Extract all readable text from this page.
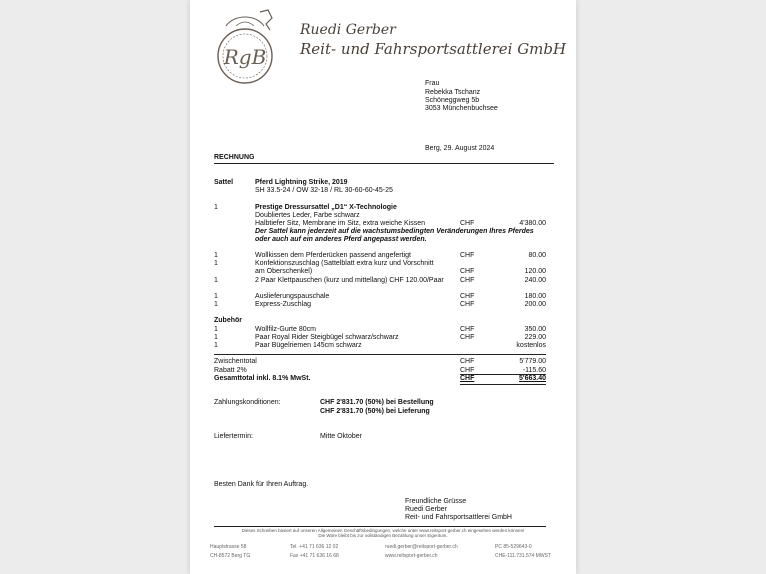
RgB
Ruedi Gerber
Reit- und Fahrsportsattlerei GmbH
Frau
Rebekka Tschanz
Schöneggweg 5b
3053 Münchenbuchsee
Berg, 29. August 2024
RECHNUNG
Sattel	Pferd Lightning Strike, 2019
SH 33.5-24 / OW 32-18 / RL 30-60-60-45-25
1	Prestige Dressursattel „D1“ X-Technologie
Doubliertes Leder, Farbe schwarz
Halbtiefer Sitz, Membrane im Sitz, extra weiche Kissen	CHF	4'380.00
Der Sattel kann jederzeit auf die wachstumsbedingten Veränderungen Ihres Pferdes
oder auch auf ein anderes Pferd angepasst werden.
1	Wollkissen dem Pferderücken passend angefertigt	CHF	80.00
1	Konfektionszuschlag (Sattelblatt extra kurz und Vorschnitt
am Oberschenkel)	CHF	120.00
1	2 Paar Klettpauschen (kurz und mittellang) CHF 120.00/Paar CHF	240.00
1	Auslieferungspauschale	CHF	180.00
1	Express-Zuschlag	CHF	200.00
Zubehör
1	Wollfilz-Gurte 80cm	CHF	350.00
1	Paar Royal Rider Steigbügel schwarz/schwarz	CHF	229.00
1	Paar Bügelriemen 145cm schwarz	kostenlos
Zwischentotal	CHF	5'779.00
Rabatt 2%	CHF	-115.60
Gesamttotal inkl. 8.1% MwSt.	CHF	5'663.40
Zahlungskonditionen:	CHF 2'831.70 (50%) bei Bestellung
CHF 2'831.70 (50%) bei Lieferung
Liefertermin:	Mitte Oktober
Besten Dank für Ihren Auftrag.
Freundliche Grüsse
Ruedi Gerber
Reit- und Fahrsportsattlerei GmbH
Dieses Schreiben basiert auf unseren Allgemeinen Geschäftsbedingungen, welche unter www.reitsport-gerber.ch eingesehen werden können!
Die Ware bleibt bis zur vollständigen Bezahlung unser Eigentum.
Hauptstrasse 58
CH-8572 Berg TG
Tel. +41 71 636 12 02
Fax +41 71 636 16 68
ruedi.gerber@reitsport-gerber.ch
www.reitsport-gerber.ch
PC 85-529643-0
CHE-111.731.574 MWST
